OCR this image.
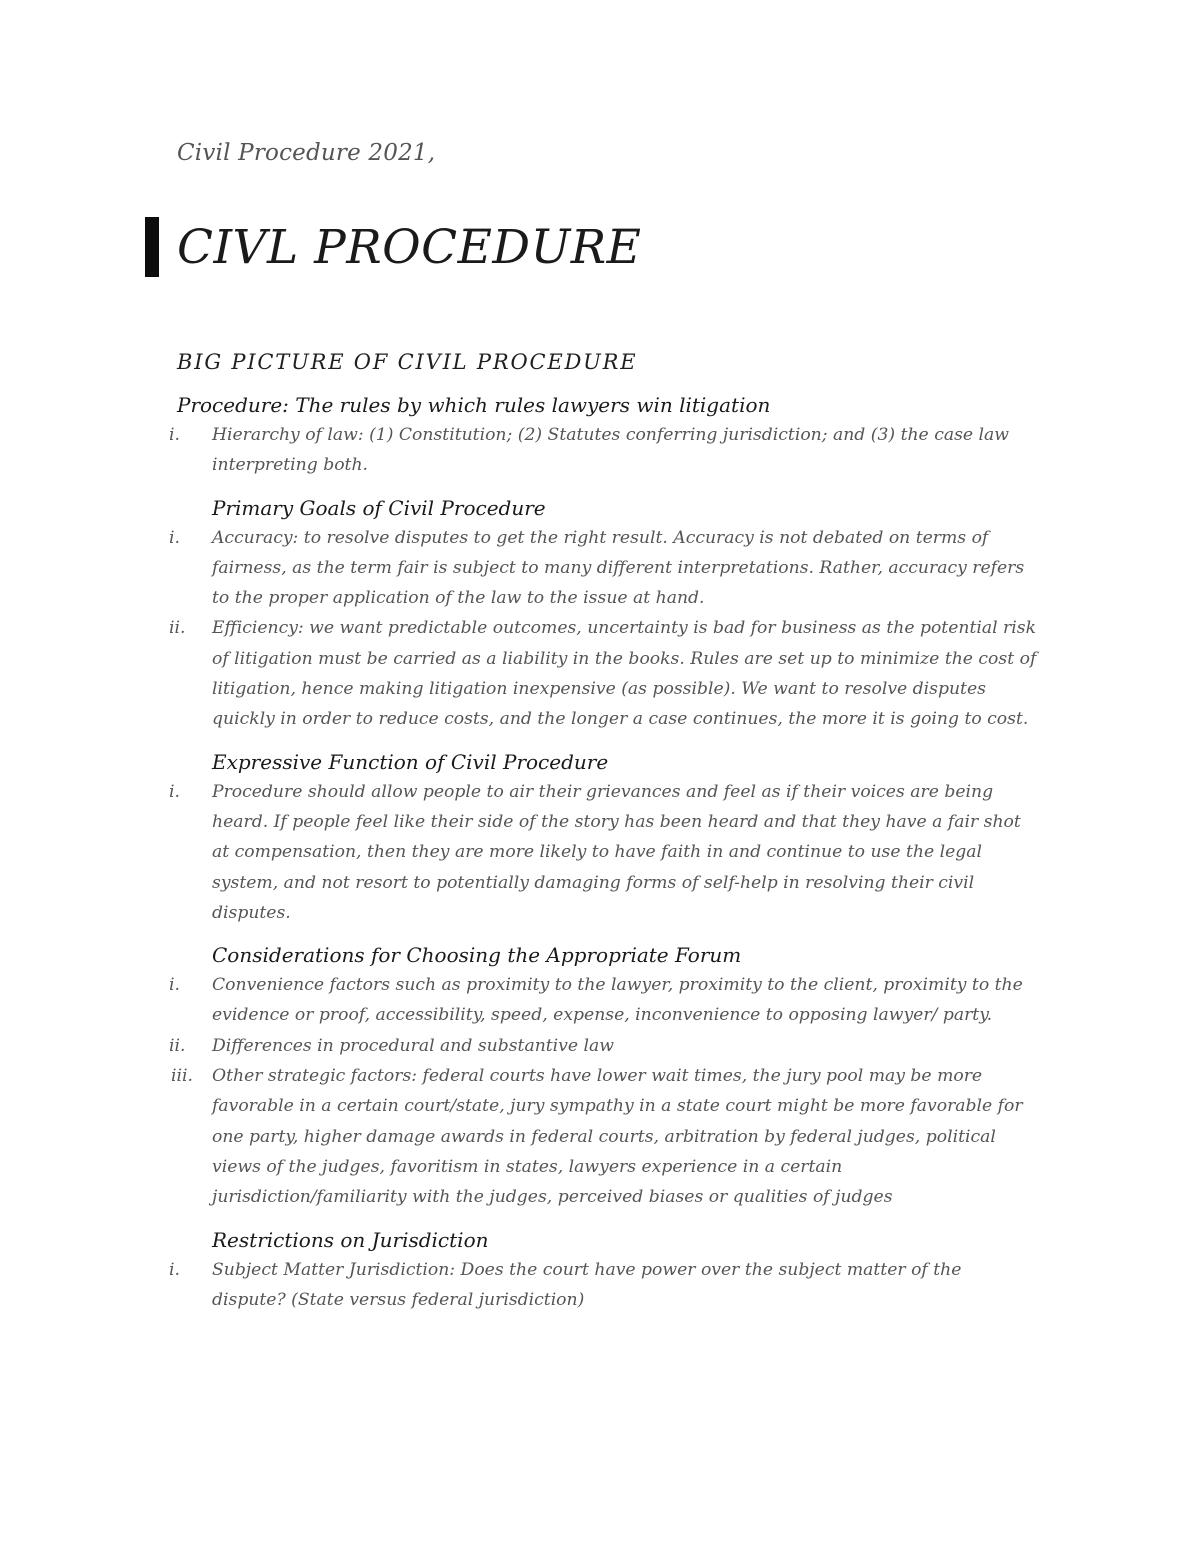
Civil Procedure 2021,
CIVL PROCEDURE
BIG PICTURE OF CIVIL PROCEDURE
Procedure: The rules by which rules lawyers win litigation
i.	Hierarchy of law: (1) Constitution; (2) Statutes conferring jurisdiction; and (3) the case law interpreting both.
Primary Goals of Civil Procedure
i.	Accuracy: to resolve disputes to get the right result. Accuracy is not debated on terms of fairness, as the term fair is subject to many different interpretations. Rather, accuracy refers to the proper application of the law to the issue at hand.
ii.	Efficiency: we want predictable outcomes, uncertainty is bad for business as the potential risk of litigation must be carried as a liability in the books. Rules are set up to minimize the cost of litigation, hence making litigation inexpensive (as possible). We want to resolve disputes quickly in order to reduce costs, and the longer a case continues, the more it is going to cost.
Expressive Function of Civil Procedure
i.	Procedure should allow people to air their grievances and feel as if their voices are being heard. If people feel like their side of the story has been heard and that they have a fair shot at compensation, then they are more likely to have faith in and continue to use the legal system, and not resort to potentially damaging forms of self-help in resolving their civil disputes.
Considerations for Choosing the Appropriate Forum
i.	Convenience factors such as proximity to the lawyer, proximity to the client, proximity to the evidence or proof, accessibility, speed, expense, inconvenience to opposing lawyer/ party.
ii.	Differences in procedural and substantive law
iii.	Other strategic factors: federal courts have lower wait times, the jury pool may be more favorable in a certain court/state, jury sympathy in a state court might be more favorable for one party, higher damage awards in federal courts, arbitration by federal judges, political views of the judges, favoritism in states, lawyers experience in a certain jurisdiction/familiarity with the judges, perceived biases or qualities of judges
Restrictions on Jurisdiction
i.	Subject Matter Jurisdiction: Does the court have power over the subject matter of the dispute? (State versus federal jurisdiction)
